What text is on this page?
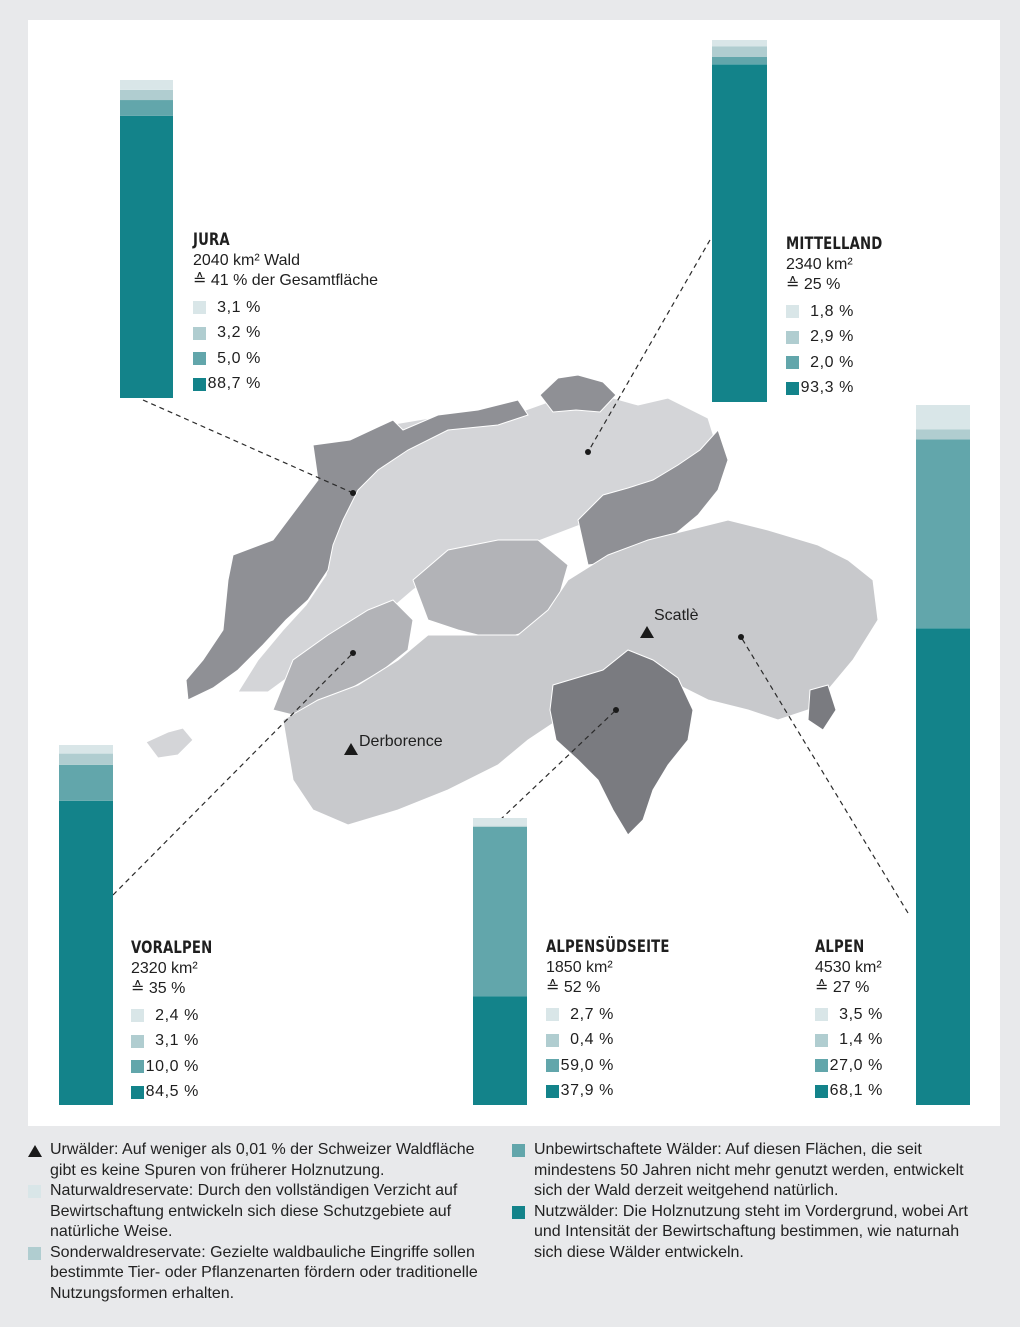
Scatlè
Derborence
JURA
2040 km² Wald
≙ 41 % der Gesamtfläche
3,1 %
3,2 %
5,0 %
88,7 %
MITTELLAND
2340 km²
≙ 25 %
1,8 %
2,9 %
2,0 %
93,3 %
VORALPEN
2320 km²
≙ 35 %
2,4 %
3,1 %
10,0 %
84,5 %
ALPENSÜDSEITE
1850 km²
≙ 52 %
2,7 %
0,4 %
59,0 %
37,9 %
ALPEN
4530 km²
≙ 27 %
3,5 %
1,4 %
27,0 %
68,1 %
Urwälder: Auf weniger als 0,01 % der Schweizer Waldfläche gibt es keine Spuren von früherer Holznutzung.
Naturwaldreservate: Durch den vollständigen Verzicht auf Bewirtschaftung entwickeln sich diese Schutzgebiete auf natürliche Weise.
Sonderwaldreservate: Gezielte waldbauliche Eingriffe sollen bestimmte Tier- oder Pflanzenarten fördern oder traditionelle Nutzungsformen erhalten.
Unbewirtschaftete Wälder: Auf diesen Flächen, die seit mindestens 50 Jahren nicht mehr genutzt werden, entwickelt sich der Wald derzeit weitgehend natürlich.
Nutzwälder: Die Holznutzung steht im Vordergrund, wobei Art und Intensität der Bewirtschaftung bestimmen, wie naturnah sich diese Wälder entwickeln.
